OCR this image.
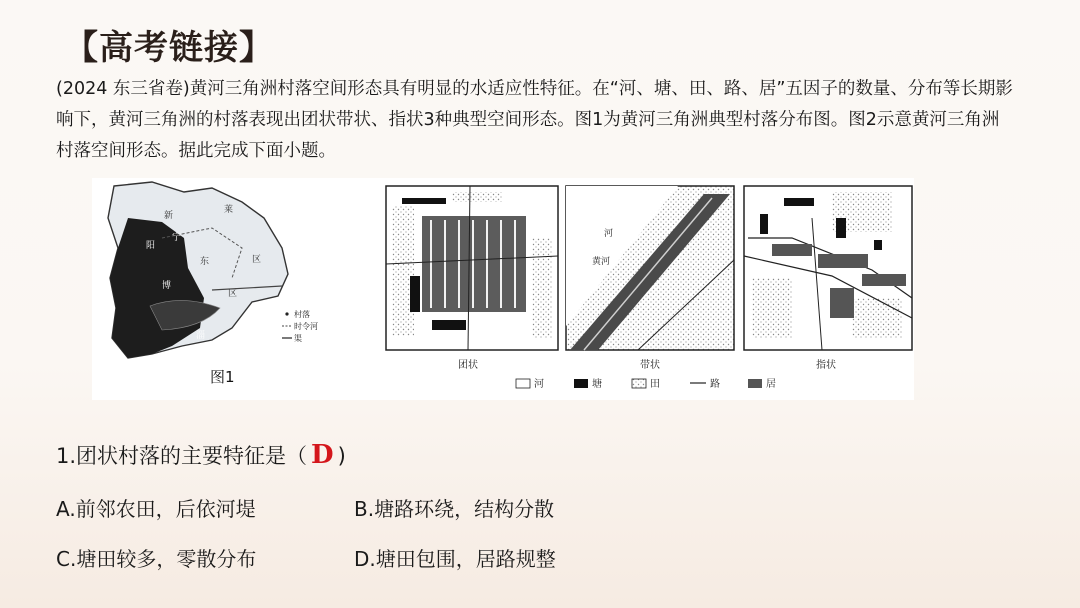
【高考链接】
(2024 东三省卷)黄河三角洲村落空间形态具有明显的水适应性特征。在“河、塘、田、路、居”五因子的数量、分布等长期影响下，黄河三角洲的村落表现出团状带状、指状3种典型空间形态。图1为黄河三角洲典型村落分布图。图2示意黄河三角洲村落空间形态。据此完成下面小题。
新
莱
宁
东	区
区
阳
博
淄
图1
村落
时令河
渠
团状
河
黄河
带状	指状
河	塘	田	路	居
1.团状村落的主要特征是（ D )
A.前邻农田，后依河堤	B.塘路环绕，结构分散
C.塘田较多，零散分布	D.塘田包围，居路规整
